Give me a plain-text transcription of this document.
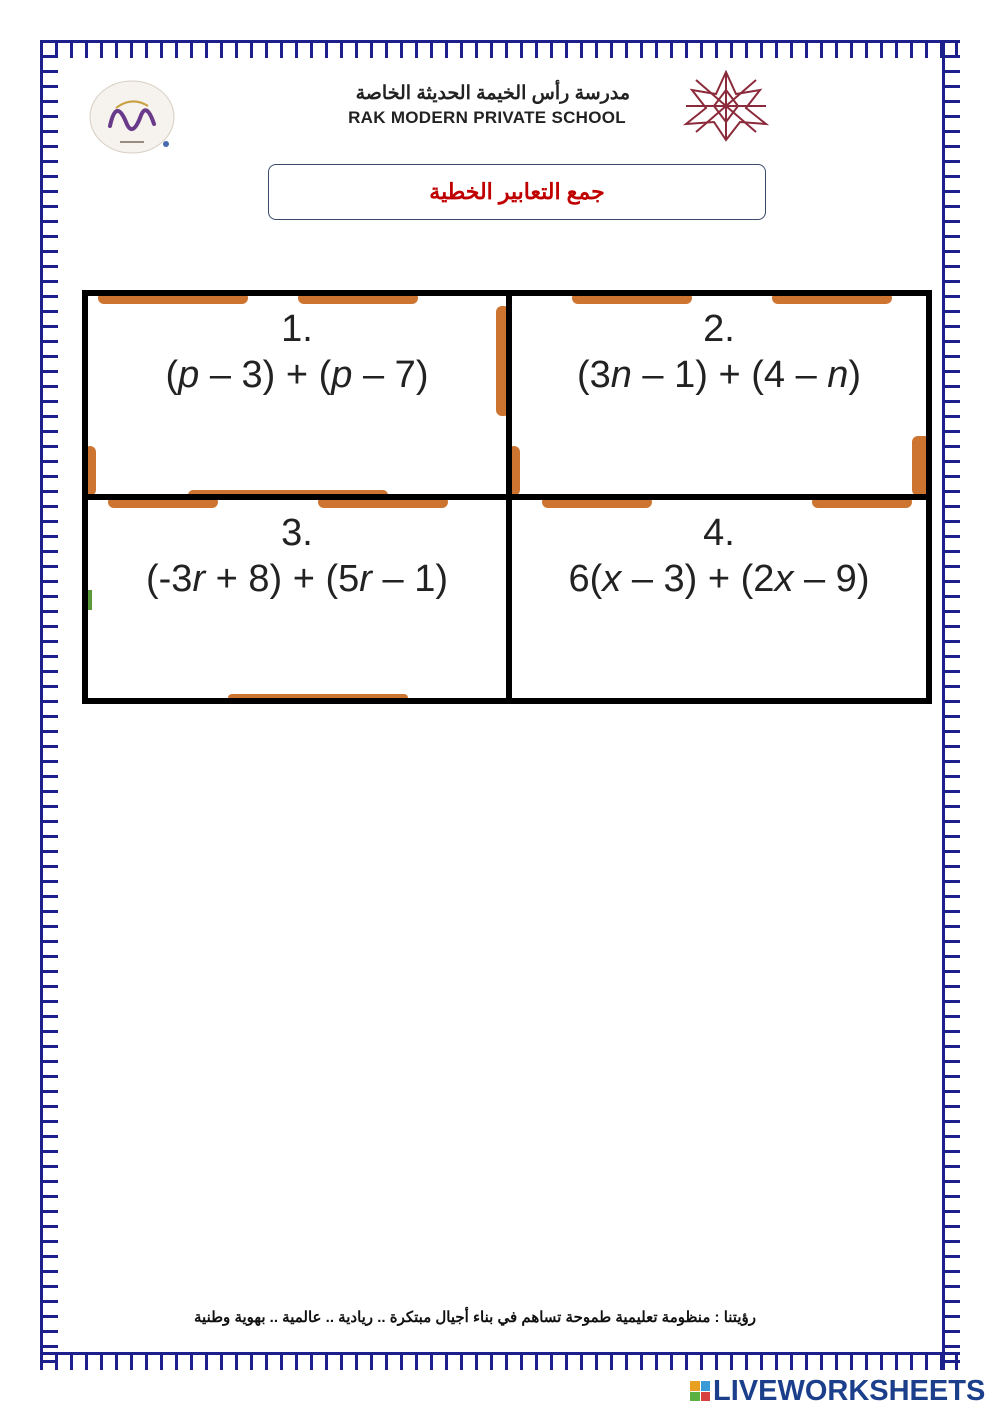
مدرسة رأس الخيمة الحديثة الخاصة
RAK MODERN PRIVATE SCHOOL
جمع التعابير الخطية
1.
(p – 3) + (p – 7)
2.
(3n – 1) + (4 – n)
3.
(-3r + 8) + (5r – 1)
4.
6(x – 3) + (2x – 9)
رؤيتنا : منظومة تعليمية طموحة تساهم في بناء أجيال مبتكرة .. ريادية .. عالمية .. بهوية وطنية
LIVEWORKSHEETS
